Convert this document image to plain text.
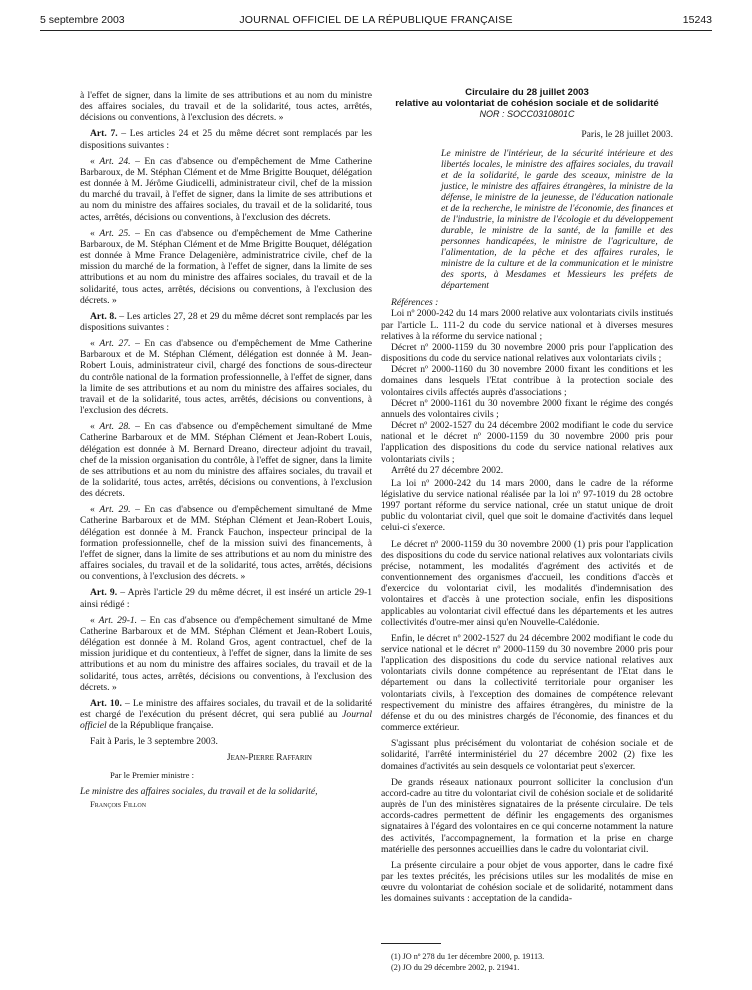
5 septembre 2003	JOURNAL OFFICIEL DE LA RÉPUBLIQUE FRANÇAISE	15243

à l'effet de signer, dans la limite de ses attributions et au nom du ministre des affaires sociales, du travail et de la solidarité, tous actes, arrêtés, décisions ou conventions, à l'exclusion des décrets. »

Art. 7. – Les articles 24 et 25 du même décret sont remplacés par les dispositions suivantes :

« Art. 24. – En cas d'absence ou d'empêchement de Mme Catherine Barbaroux, de M. Stéphan Clément et de Mme Brigitte Bouquet, délégation est donnée à M. Jérôme Giudicelli, administrateur civil, chef de la mission du marché du travail, à l'effet de signer, dans la limite de ses attributions et au nom du ministre des affaires sociales, du travail et de la solidarité, tous actes, arrêtés, décisions ou conventions, à l'exclusion des décrets.

« Art. 25. – En cas d'absence ou d'empêchement de Mme Catherine Barbaroux, de M. Stéphan Clément et de Mme Brigitte Bouquet, délégation est donnée à Mme France Delagenière, administratrice civile, chef de la mission du marché de la formation, à l'effet de signer, dans la limite de ses attributions et au nom du ministre des affaires sociales, du travail et de la solidarité, tous actes, arrêtés, décisions ou conventions, à l'exclusion des décrets. »

Art. 8. – Les articles 27, 28 et 29 du même décret sont remplacés par les dispositions suivantes :

« Art. 27. – En cas d'absence ou d'empêchement de Mme Catherine Barbaroux et de M. Stéphan Clément, délégation est donnée à M. Jean-Robert Louis, administrateur civil, chargé des fonctions de sous-directeur du contrôle national de la formation professionnelle, à l'effet de signer, dans la limite de ses attributions et au nom du ministre des affaires sociales, du travail et de la solidarité, tous actes, arrêtés, décisions ou conventions, à l'exclusion des décrets.

« Art. 28. – En cas d'absence ou d'empêchement simultané de Mme Catherine Barbaroux et de MM. Stéphan Clément et Jean-Robert Louis, délégation est donnée à M. Bernard Dreano, directeur adjoint du travail, chef de la mission organisation du contrôle, à l'effet de signer, dans la limite de ses attributions et au nom du ministre des affaires sociales, du travail et de la solidarité, tous actes, arrêtés, décisions ou conventions, à l'exclusion des décrets.

« Art. 29. – En cas d'absence ou d'empêchement simultané de Mme Catherine Barbaroux et de MM. Stéphan Clément et Jean-Robert Louis, délégation est donnée à M. Franck Fauchon, inspecteur principal de la formation professionnelle, chef de la mission suivi des financements, à l'effet de signer, dans la limite de ses attributions et au nom du ministre des affaires sociales, du travail et de la solidarité, tous actes, arrêtés, décisions ou conventions, à l'exclusion des décrets. »

Art. 9. – Après l'article 29 du même décret, il est inséré un article 29-1 ainsi rédigé :

« Art. 29-1. – En cas d'absence ou d'empêchement simultané de Mme Catherine Barbaroux et de MM. Stéphan Clément et Jean-Robert Louis, délégation est donnée à M. Roland Gros, agent contractuel, chef de la mission juridique et du contentieux, à l'effet de signer, dans la limite de ses attributions et au nom du ministre des affaires sociales, du travail et de la solidarité, tous actes, arrêtés, décisions ou conventions, à l'exclusion des décrets. »

Art. 10. – Le ministre des affaires sociales, du travail et de la solidarité est chargé de l'exécution du présent décret, qui sera publié au Journal officiel de la République française.

Fait à Paris, le 3 septembre 2003.

Jean-Pierre Raffarin

Par le Premier ministre :

Le ministre des affaires sociales, du travail et de la solidarité,

François Fillon

Circulaire du 28 juillet 2003
relative au volontariat de cohésion sociale et de solidarité
NOR : SOCC0310801C
Paris, le 28 juillet 2003.
Le ministre de l'intérieur, de la sécurité intérieure et des libertés locales, le ministre des affaires sociales, du travail et de la solidarité, le garde des sceaux, ministre de la justice, le ministre des affaires étrangères, la ministre de la défense, le ministre de la jeunesse, de l'éducation nationale et de la recherche, le ministre de l'économie, des finances et de l'industrie, la ministre de l'écologie et du développement durable, le ministre de la santé, de la famille et des personnes handicapées, le ministre de l'agriculture, de l'alimentation, de la pêche et des affaires rurales, le ministre de la culture et de la communication et le ministre des sports, à Mesdames et Messieurs les préfets de département

Références :

Loi nº 2000-242 du 14 mars 2000 relative aux volontariats civils institués par l'article L. 111-2 du code du service national et à diverses mesures relatives à la réforme du service national ;

Décret nº 2000-1159 du 30 novembre 2000 pris pour l'application des dispositions du code du service national relatives aux volontariats civils ;

Décret nº 2000-1160 du 30 novembre 2000 fixant les conditions et les domaines dans lesquels l'Etat contribue à la protection sociale des volontaires civils affectés auprès d'associations ;

Décret nº 2000-1161 du 30 novembre 2000 fixant le régime des congés annuels des volontaires civils ;

Décret nº 2002-1527 du 24 décembre 2002 modifiant le code du service national et le décret nº 2000-1159 du 30 novembre 2000 pris pour l'application des dispositions du code du service national relatives aux volontariats civils ;

Arrêté du 27 décembre 2002.

La loi nº 2000-242 du 14 mars 2000, dans le cadre de la réforme législative du service national réalisée par la loi nº 97-1019 du 28 octobre 1997 portant réforme du service national, crée un statut unique de droit public du volontariat civil, quel que soit le domaine d'activités dans lequel celui-ci s'exerce.

Le décret nº 2000-1159 du 30 novembre 2000 (1) pris pour l'application des dispositions du code du service national relatives aux volontariats civils précise, notamment, les modalités d'agrément des activités et de conventionnement des organismes d'accueil, les conditions d'accès et d'exercice du volontariat civil, les modalités d'indemnisation des volontaires et d'accès à une protection sociale, enfin les dispositions applicables au volontariat civil effectué dans les départements et les autres collectivités d'outre-mer ainsi qu'en Nouvelle-Calédonie.

Enfin, le décret nº 2002-1527 du 24 décembre 2002 modifiant le code du service national et le décret nº 2000-1159 du 30 novembre 2000 pris pour l'application des dispositions du code du service national relatives aux volontariats civils donne compétence au représentant de l'Etat dans le département ou dans la collectivité territoriale pour organiser les volontariats civils, à l'exception des domaines de compétence relevant respectivement du ministre des affaires étrangères, du ministre de la défense et du ou des ministres chargés de l'économie, des finances et du commerce extérieur.

S'agissant plus précisément du volontariat de cohésion sociale et de solidarité, l'arrêté interministériel du 27 décembre 2002 (2) fixe les domaines d'activités au sein desquels ce volontariat peut s'exercer.

De grands réseaux nationaux pourront solliciter la conclusion d'un accord-cadre au titre du volontariat civil de cohésion sociale et de solidarité auprès de l'un des ministères signataires de la présente circulaire. De tels accords-cadres permettent de définir les engagements des organismes signataires à l'égard des volontaires en ce qui concerne notamment la nature des activités, l'accompagnement, la formation et la prise en charge matérielle des personnes accueillies dans le cadre du volontariat civil.

La présente circulaire a pour objet de vous apporter, dans le cadre fixé par les textes précités, les précisions utiles sur les modalités de mise en œuvre du volontariat de cohésion sociale et de solidarité, notamment dans les domaines suivants : acceptation de la candida-

(1) JO nº 278 du 1er décembre 2000, p. 19113.
(2) JO du 29 décembre 2002, p. 21941.
